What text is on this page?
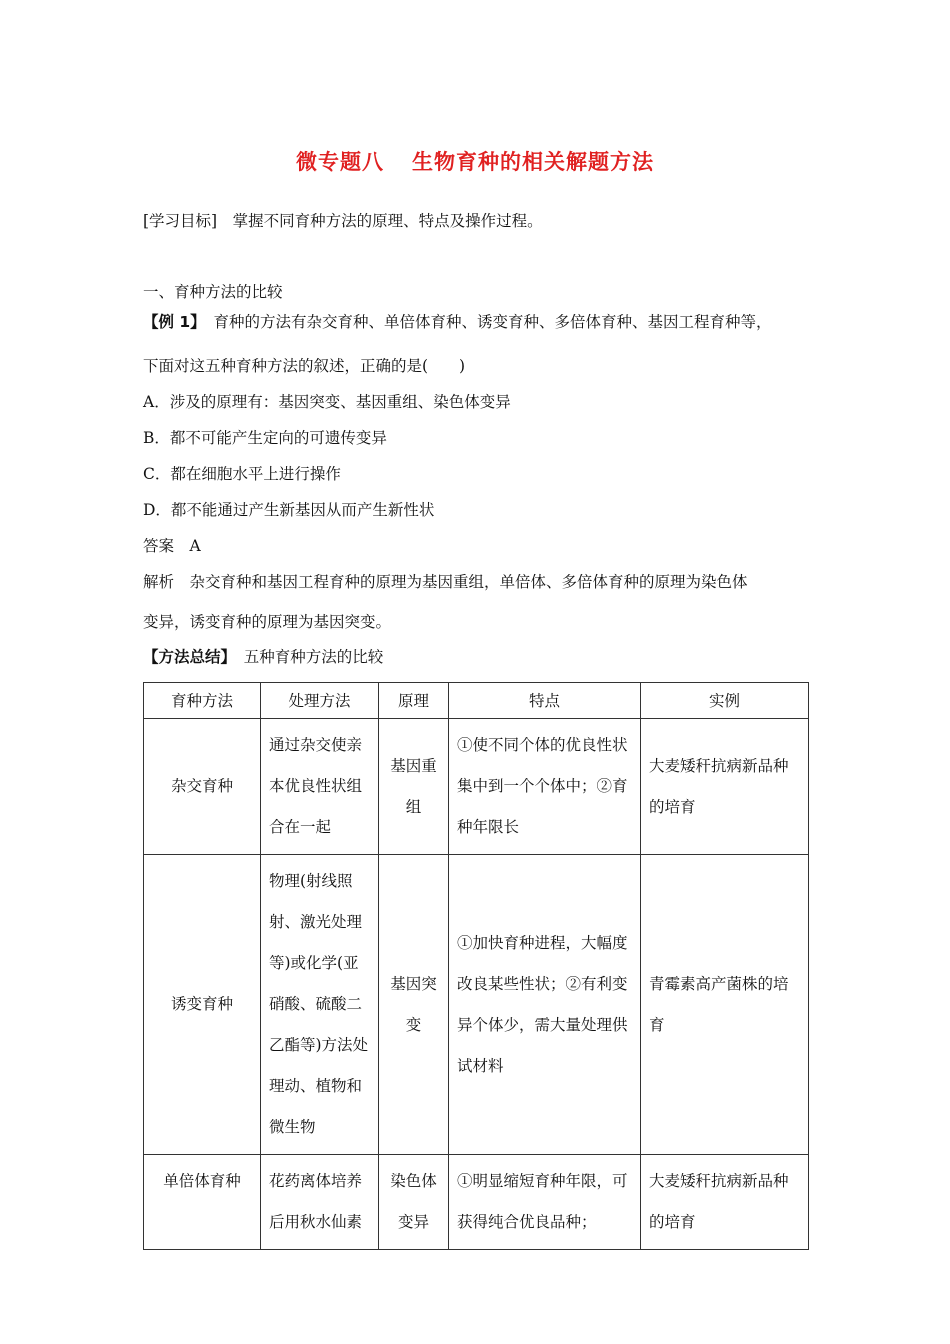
微专题八 生物育种的相关解题方法
[学习目标]　 掌握不同育种方法的原理、特点及操作过程。
一、育种方法的比较
【例 1】　 育种的方法有杂交育种、单倍体育种、诱变育种、多倍体育种、基因工程育种等，
下面对这五种育种方法的叙述，正确的是(　　)
A．涉及的原理有：基因突变、基因重组、染色体变异
B．都不可能产生定向的可遗传变异
C．都在细胞水平上进行操作
D．都不能通过产生新基因从而产生新性状
答案　 A
解析　 杂交育种和基因工程育种的原理为基因重组，单倍体、多倍体育种的原理为染色体
变异，诱变育种的原理为基因突变。
【方法总结】　 五种育种方法的比较
育种方法	处理方法	原理	特点	实例
杂交育种	通过杂交使亲本优良性状组合在一起	基因重组	①使不同个体的优良性状集中到一个个体中；②育种年限长	大麦矮秆抗病新品种的培育
诱变育种	物理(射线照射、激光处理等)或化学(亚硝酸、硫酸二乙酯等)方法处理动、植物和微生物	基因突变	①加快育种进程，大幅度改良某些性状；②有利变异个体少，需大量处理供试材料	青霉素高产菌株的培育
单倍体育种	花药离体培养后用秋水仙素	染色体变异	①明显缩短育种年限，可获得纯合优良品种；	大麦矮秆抗病新品种的培育
